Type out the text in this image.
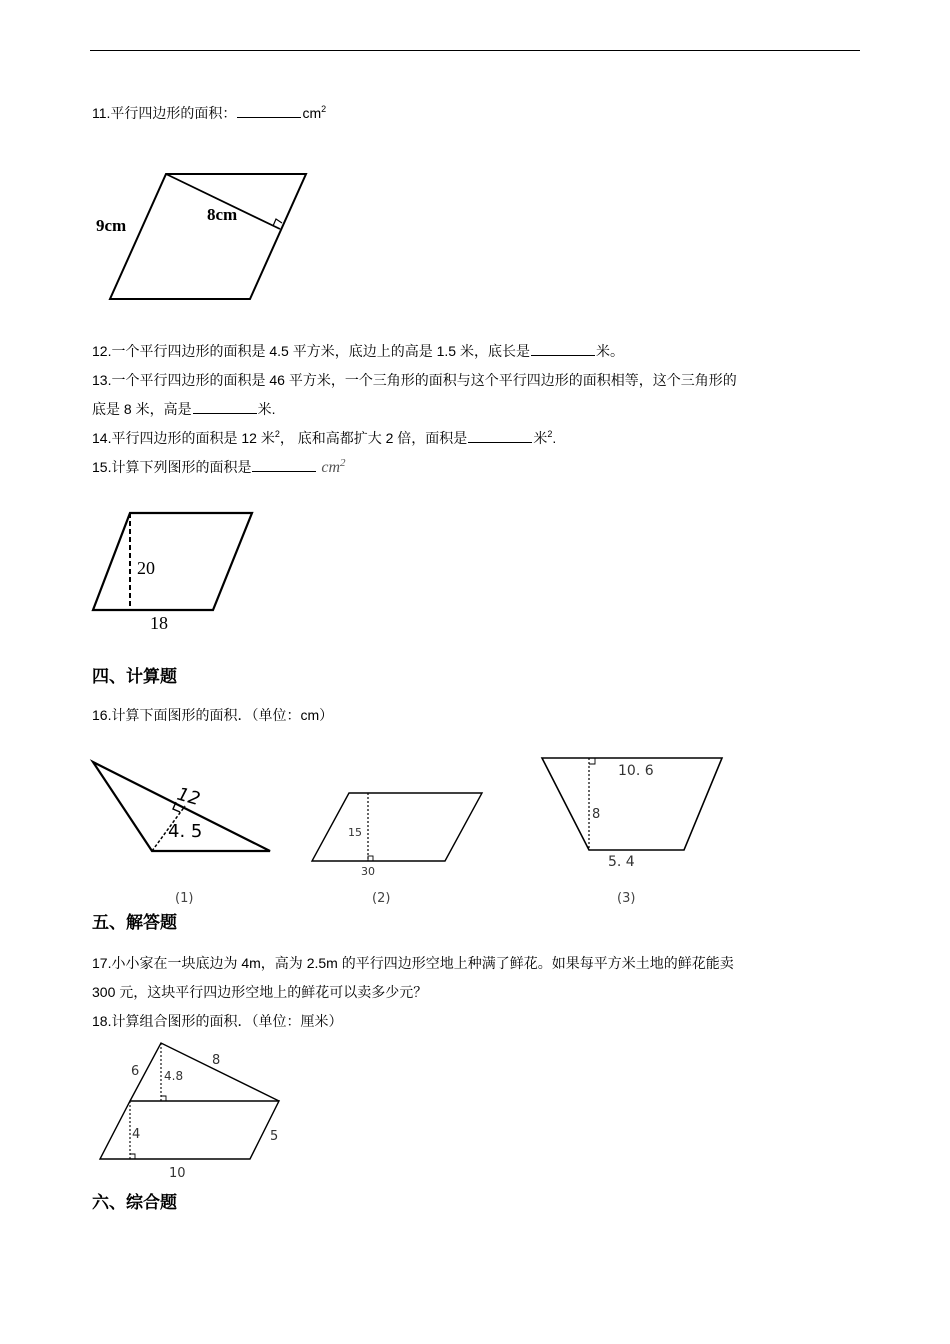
11.平行四边形的面积：	$cm^2$
9cm
8cm
12.一个平行四边形的面积是 4.5 平方米，底边上的高是 1.5 米，底长是	米。
13.一个平行四边形的面积是 46 平方米，一个三角形的面积与这个平行四边形的面积相等，这个三角形的
底是 8 米，高是	米.
14.平行四边形的面积是 12 米$^2$， 底和高都扩大 2 倍，面积是	米$^2$.
15.计算下列图形的面积是	$cm^2$
20
18
四、计算题
16.计算下面图形的面积．（单位：cm）
12
4. 5
(1)
15
30
(2)
10. 6
8
5. 4
(3)
五、解答题
17.小小家在一块底边为 4m，高为 2.5m 的平行四边形空地上种满了鲜花。如果每平方米土地的鲜花能卖
300 元，这块平行四边形空地上的鲜花可以卖多少元？
18.计算组合图形的面积．（单位：厘米）
6
8
4.8
4	5
10
六、综合题
